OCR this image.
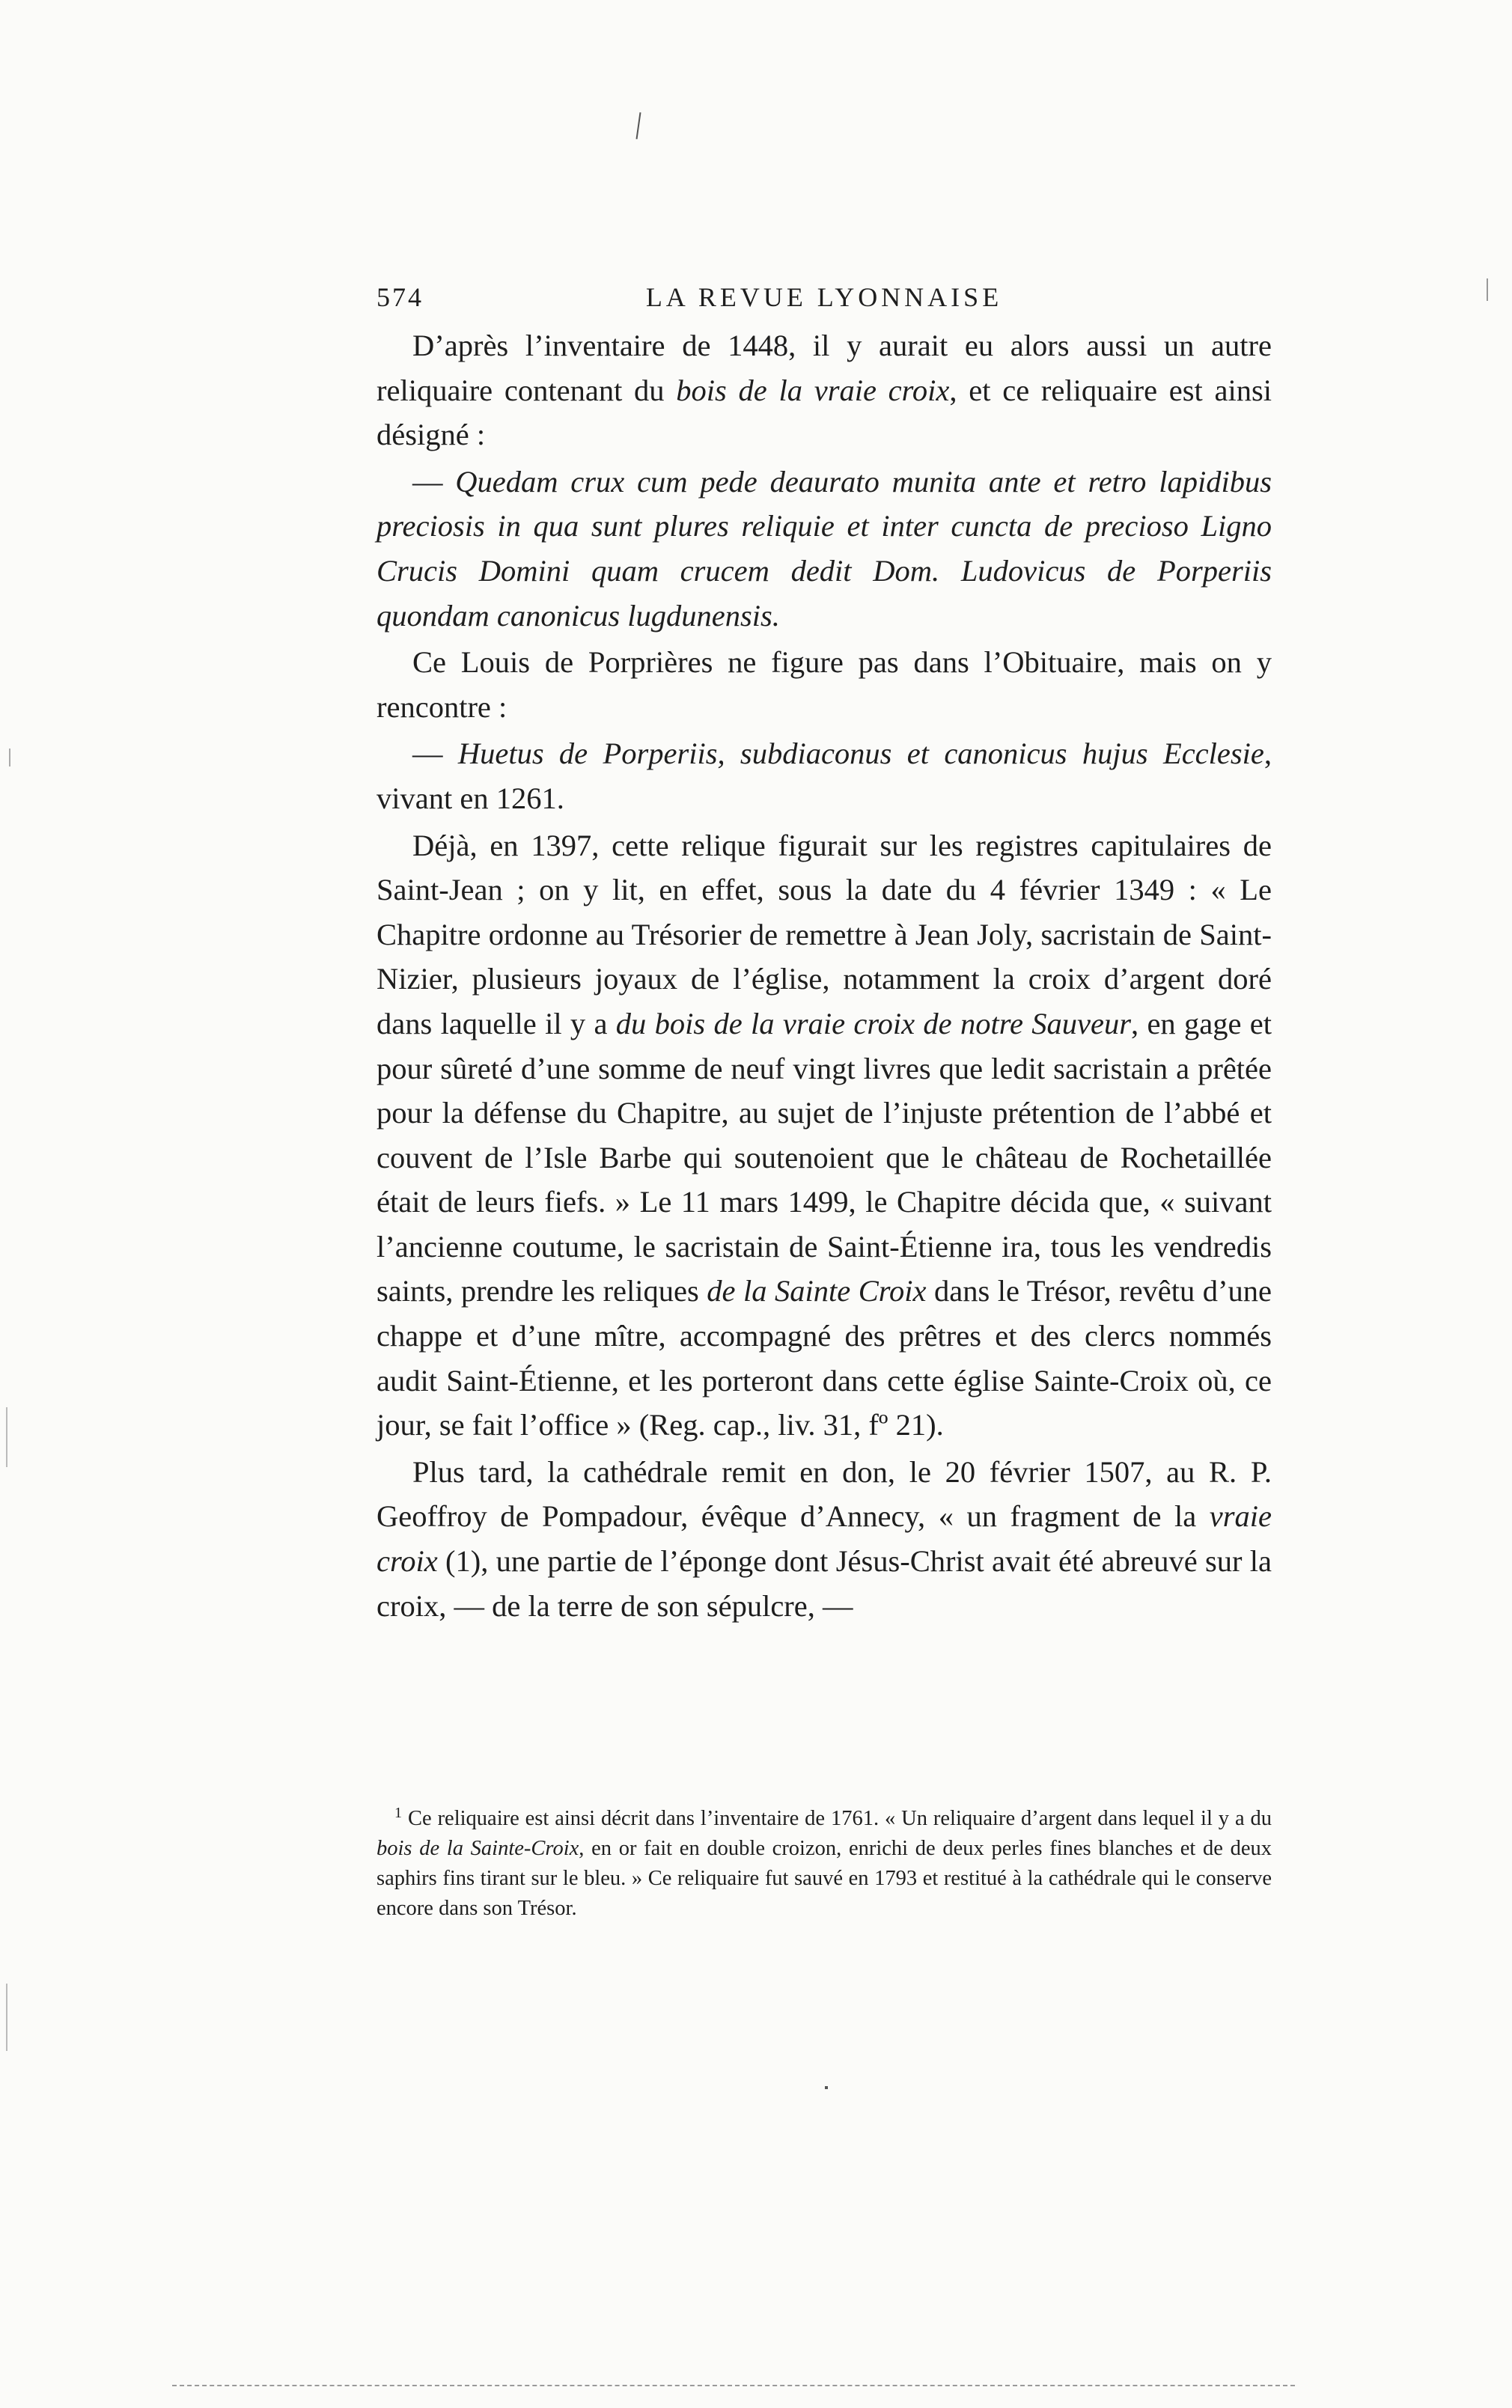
574	LA REVUE LYONNAISE

D’après l’inventaire de 1448, il y aurait eu alors aussi un autre reliquaire contenant du bois de la vraie croix, et ce reliquaire est ainsi désigné :

— Quedam crux cum pede deaurato munita ante et retro lapidibus preciosis in qua sunt plures reliquie et inter cuncta de precioso Ligno Crucis Domini quam crucem dedit Dom. Ludovicus de Porperiis quondam canonicus lugdunensis.

Ce Louis de Porprières ne figure pas dans l’Obituaire, mais on y rencontre :

— Huetus de Porperiis, subdiaconus et canonicus hujus Ecclesie, vivant en 1261.

Déjà, en 1397, cette relique figurait sur les registres capitulaires de Saint-Jean ; on y lit, en effet, sous la date du 4 février 1349 : « Le Chapitre ordonne au Trésorier de remettre à Jean Joly, sacristain de Saint-Nizier, plusieurs joyaux de l’église, notamment la croix d’argent doré dans laquelle il y a du bois de la vraie croix de notre Sauveur, en gage et pour sûreté d’une somme de neuf vingt livres que ledit sacristain a prêtée pour la défense du Chapitre, au sujet de l’injuste prétention de l’abbé et couvent de l’Isle Barbe qui soutenoient que le château de Rochetaillée était de leurs fiefs. » Le 11 mars 1499, le Chapitre décida que, « suivant l’ancienne coutume, le sacristain de Saint-Étienne ira, tous les vendredis saints, prendre les reliques de la Sainte Croix dans le Trésor, revêtu d’une chappe et d’une mître, accompagné des prêtres et des clercs nommés audit Saint-Étienne, et les porteront dans cette église Sainte-Croix où, ce jour, se fait l’office » (Reg. cap., liv. 31, fº 21).

Plus tard, la cathédrale remit en don, le 20 février 1507, au R. P. Geoffroy de Pompadour, évêque d’Annecy, « un fragment de la vraie croix (1), une partie de l’éponge dont Jésus-Christ avait été abreuvé sur la croix, — de la terre de son sépulcre, —

$^1$ Ce reliquaire est ainsi décrit dans l’inventaire de 1761. « Un reliquaire d’argent dans lequel il y a du bois de la Sainte-Croix, en or fait en double croizon, enrichi de deux perles fines blanches et de deux saphirs fins tirant sur le bleu. » Ce reliquaire fut sauvé en 1793 et restitué à la cathédrale qui le conserve encore dans son Trésor.
